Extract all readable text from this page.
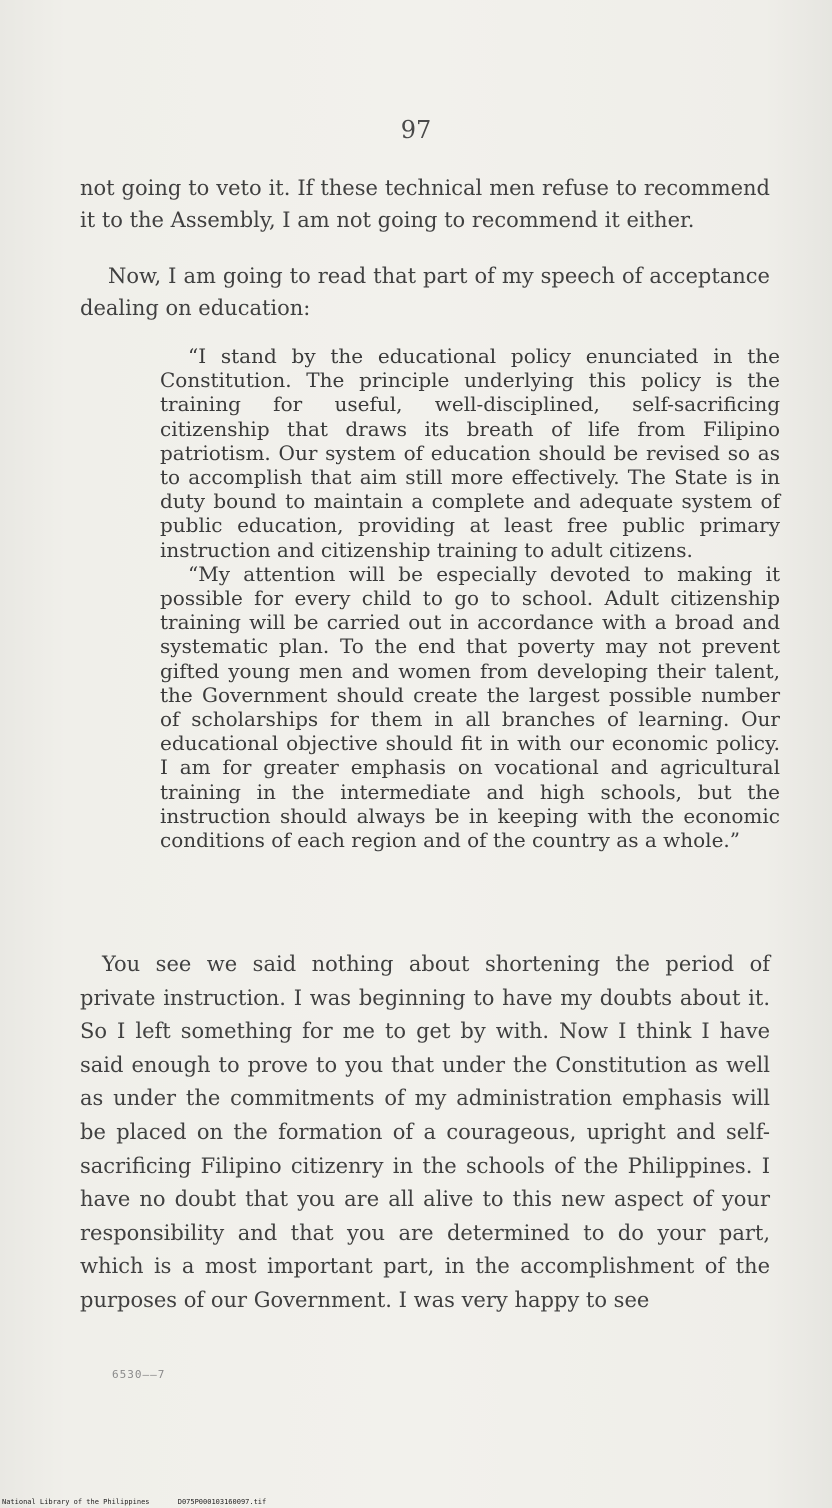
97

not going to veto it. If these technical men refuse to recommend it to the Assembly, I am not going to recommend it either.

Now, I am going to read that part of my speech of acceptance dealing on education:

“I stand by the educational policy enunciated in the Constitution. The principle underlying this policy is the training for useful, well-disciplined, self-sacrificing citizenship that draws its breath of life from Filipino patriotism. Our system of education should be revised so as to accomplish that aim still more effectively. The State is in duty bound to maintain a complete and adequate system of public education, providing at least free public primary instruction and citizenship training to adult citizens.

“My attention will be especially devoted to making it possible for every child to go to school. Adult citizenship training will be carried out in accordance with a broad and systematic plan. To the end that poverty may not prevent gifted young men and women from developing their talent, the Government should create the largest possible number of scholarships for them in all branches of learning. Our educational objective should fit in with our economic policy. I am for greater emphasis on vocational and agricultural training in the intermediate and high schools, but the instruction should always be in keeping with the economic conditions of each region and of the country as a whole.”

You see we said nothing about shortening the period of private instruction. I was beginning to have my doubts about it. So I left something for me to get by with. Now I think I have said enough to prove to you that under the Constitution as well as under the commitments of my administration emphasis will be placed on the formation of a courageous, upright and self-sacrificing Filipino citizenry in the schools of the Philippines. I have no doubt that you are all alive to this new aspect of your responsibility and that you are determined to do your part, which is a most important part, in the accomplishment of the purposes of our Government. I was very happy to see

6530——7
National Library of the Philippines	D075P000103160097.tif
